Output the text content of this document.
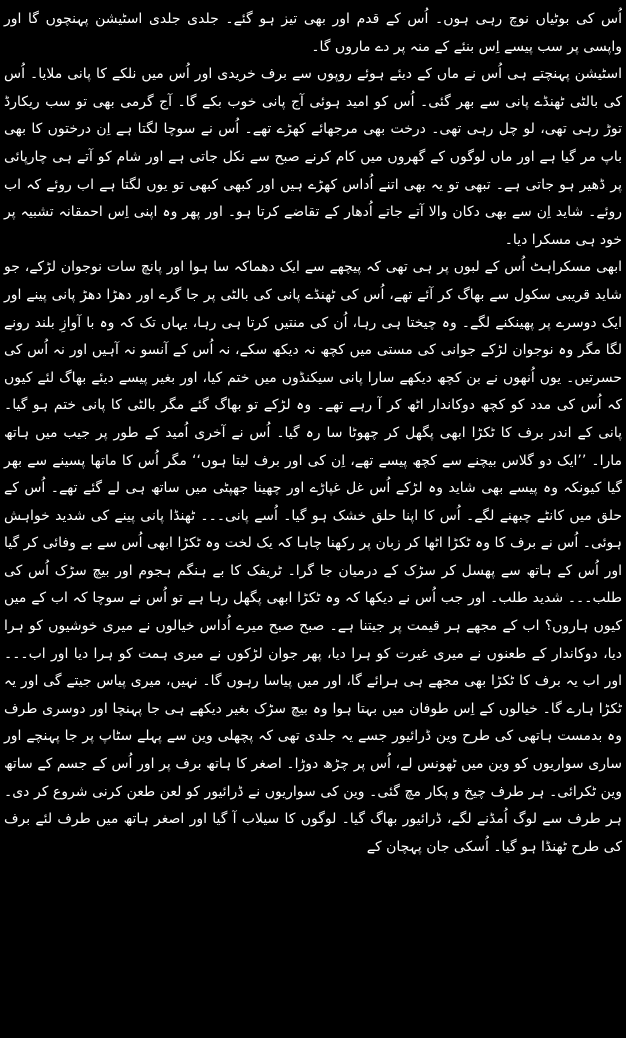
اُس کی بوٹیاں نوچ رہی ہوں۔ اُس کے قدم اور بھی تیز ہو گئے۔ جلدی جلدی اسٹیشن پہنچوں گا اور واپسی پر سب پیسے اِس بنئے کے منہ پر دے ماروں گا۔

اسٹیشن پہنچتے ہی اُس نے ماں کے دیئے ہوئے روپوں سے برف خریدی اور اُس میں نلکے کا پانی ملایا۔ اُس کی بالٹی ٹھنڈے پانی سے بھر گئی۔ اُس کو امید ہوئی آج پانی خوب بکے گا۔ آج گرمی بھی تو سب ریکارڈ توڑ رہی تھی، لو چل رہی تھی۔ درخت بھی مرجھائے کھڑے تھے۔ اُس نے سوچا لگتا ہے اِن درختوں کا بھی باپ مر گیا ہے اور ماں لوگوں کے گھروں میں کام کرنے صبح سے نکل جاتی ہے اور شام کو آتے ہی چارپائی پر ڈھیر ہو جاتی ہے۔ تبھی تو یہ بھی اتنے اُداس کھڑے ہیں اور کبھی کبھی تو یوں لگتا ہے اب روئے کہ اب روئے۔ شاید اِن سے بھی دکان والا آتے جاتے اُدھار کے تقاضے کرتا ہو۔ اور پھر وہ اپنی اِس احمقانہ تشبیہ پر خود ہی مسکرا دیا۔

ابھی مسکراہٹ اُس کے لبوں پر ہی تھی کہ پیچھے سے ایک دھماکہ سا ہوا اور پانچ سات نوجوان لڑکے، جو شاید قریبی سکول سے بھاگ کر آئے تھے، اُس کی ٹھنڈے پانی کی بالٹی پر جا گرے اور دھڑا دھڑ پانی پینے اور ایک دوسرے پر پھینکنے لگے۔ وہ چیختا ہی رہا، اُن کی منتیں کرتا ہی رہا، یہاں تک کہ وہ با آوازِ بلند رونے لگا مگر وہ نوجوان لڑکے جوانی کی مستی میں کچھ نہ دیکھ سکے، نہ اُس کے آنسو نہ آہیں اور نہ اُس کی حسرتیں۔ یوں اُنھوں نے بن کچھ دیکھے سارا پانی سیکنڈوں میں ختم کیا، اور بغیر پیسے دیئے بھاگ لئے کیوں کہ اُس کی مدد کو کچھ دوکاندار اٹھ کر آ رہے تھے۔ وہ لڑکے تو بھاگ گئے مگر بالٹی کا پانی ختم ہو گیا۔ پانی کے اندر برف کا ٹکڑا ابھی پگھل کر چھوٹا سا رہ گیا۔ اُس نے آخری اُمید کے طور پر جیب میں ہاتھ مارا۔ ’’ایک دو گلاس بیچنے سے کچھ پیسے تھے، اِن کی اور برف لیتا ہوں‘‘ مگر اُس کا ماتھا پسینے سے بھر گیا کیونکہ وہ پیسے بھی شاید وہ لڑکے اُس غل غپاڑے اور چھینا جھپٹی میں ساتھ ہی لے گئے تھے۔ اُس کے حلق میں کانٹے چبھنے لگے۔ اُس کا اپنا حلق خشک ہو گیا۔ اُسے پانی۔۔۔ ٹھنڈا پانی پینے کی شدید خواہش ہوئی۔ اُس نے برف کا وہ ٹکڑا اٹھا کر زبان پر رکھنا چاہا کہ یک لخت وہ ٹکڑا ابھی اُس سے بے وفائی کر گیا اور اُس کے ہاتھ سے پھسل کر سڑک کے درمیان جا گرا۔ ٹریفک کا بے ہنگم ہجوم اور بیچ سڑک اُس کی طلب۔۔۔ شدید طلب۔ اور جب اُس نے دیکھا کہ وہ ٹکڑا ابھی پگھل رہا ہے تو اُس نے سوچا کہ اب کے میں کیوں ہاروں؟ اب کے مجھے ہر قیمت پر جیتنا ہے۔ صبح صبح میرے اُداس خیالوں نے میری خوشیوں کو ہرا دیا، دوکاندار کے طعنوں نے میری غیرت کو ہرا دیا، پھر جوان لڑکوں نے میری ہمت کو ہرا دیا اور اب۔۔۔ اور اب یہ برف کا ٹکڑا بھی مجھے ہی ہرائے گا، اور میں پیاسا رہوں گا۔ نہیں، میری پیاس جیتے گی اور یہ ٹکڑا ہارے گا۔ خیالوں کے اِس طوفان میں بہتا ہوا وہ بیچ سڑک بغیر دیکھے ہی جا پہنچا اور دوسری طرف وہ بدمست ہاتھی کی طرح وین ڈرائیور جسے یہ جلدی تھی کہ پچھلی وین سے پہلے سٹاپ پر جا پہنچے اور ساری سواریوں کو وین میں ٹھونس لے، اُس پر چڑھ دوڑا۔ اصغر کا ہاتھ برف پر اور اُس کے جسم کے ساتھ وین ٹکرائی۔ ہر طرف چیخ و پکار مچ گئی۔ وین کی سواریوں نے ڈرائیور کو لعن طعن کرنی شروع کر دی۔ ہر طرف سے لوگ اُمڈنے لگے، ڈرائیور بھاگ گیا۔ لوگوں کا سیلاب آ گیا اور اصغر ہاتھ میں طرف لئے برف کی طرح ٹھنڈا ہو گیا۔ اُسکی جان پہچان کے
